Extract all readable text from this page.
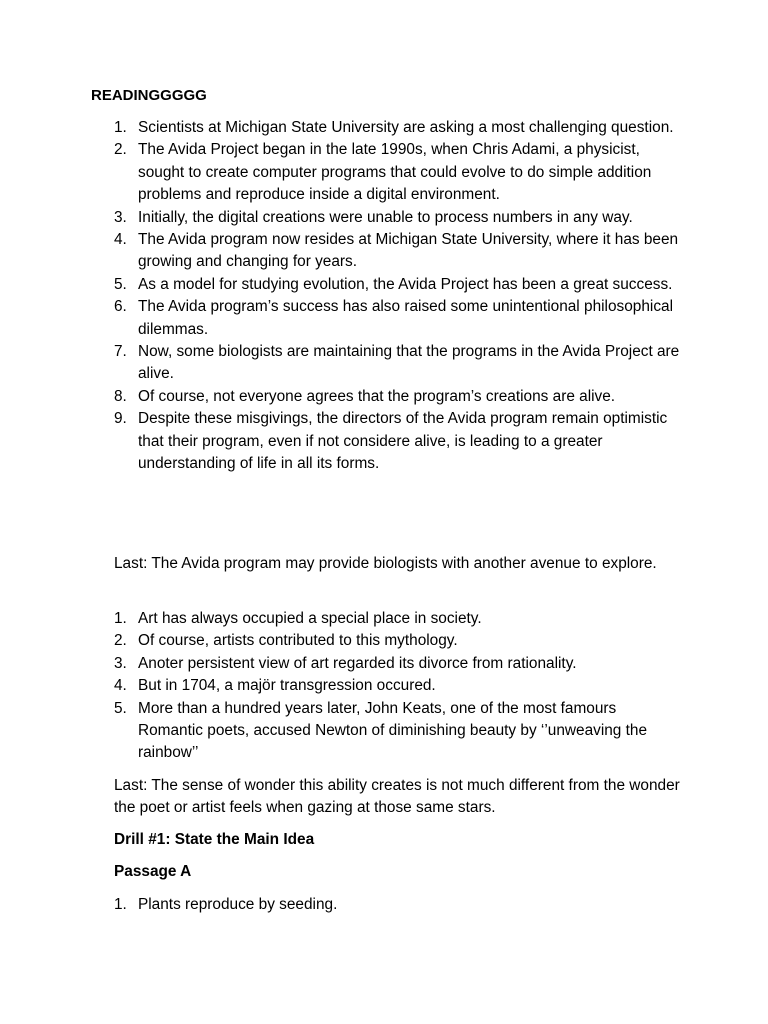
READINGGGGG
1. Scientists at Michigan State University are asking a most challenging question.
2. The Avida Project began in the late 1990s, when Chris Adami, a physicist, sought to create computer programs that could evolve to do simple addition problems and reproduce inside a digital environment.
3. Initially, the digital creations were unable to process numbers in any way.
4. The Avida program now resides at Michigan State University, where it has been growing and changing for years.
5. As a model for studying evolution, the Avida Project has been a great success.
6. The Avida program’s success has also raised some unintentional philosophical dilemmas.
7. Now, some biologists are maintaining that the programs in the Avida Project are alive.
8. Of course, not everyone agrees that the program’s creations are alive.
9. Despite these misgivings, the directors of the Avida program remain optimistic that their program, even if not considere alive, is leading to a greater understanding of life in all its forms.

Last: The Avida program may provide biologists with another avenue to explore.

1. Art has always occupied a special place in society.
2. Of course, artists contributed to this mythology.
3. Anoter persistent view of art regarded its divorce from rationality.
4. But in 1704, a majör transgression occured.
5. More than a hundred years later, John Keats, one of the most famours Romantic poets, accused Newton of diminishing beauty by ‘’unweaving the rainbow’’

Last: The sense of wonder this ability creates is not much different from the wonder the poet or artist feels when gazing at those same stars.

Drill #1: State the Main Idea

Passage A

1. Plants reproduce by seeding.
